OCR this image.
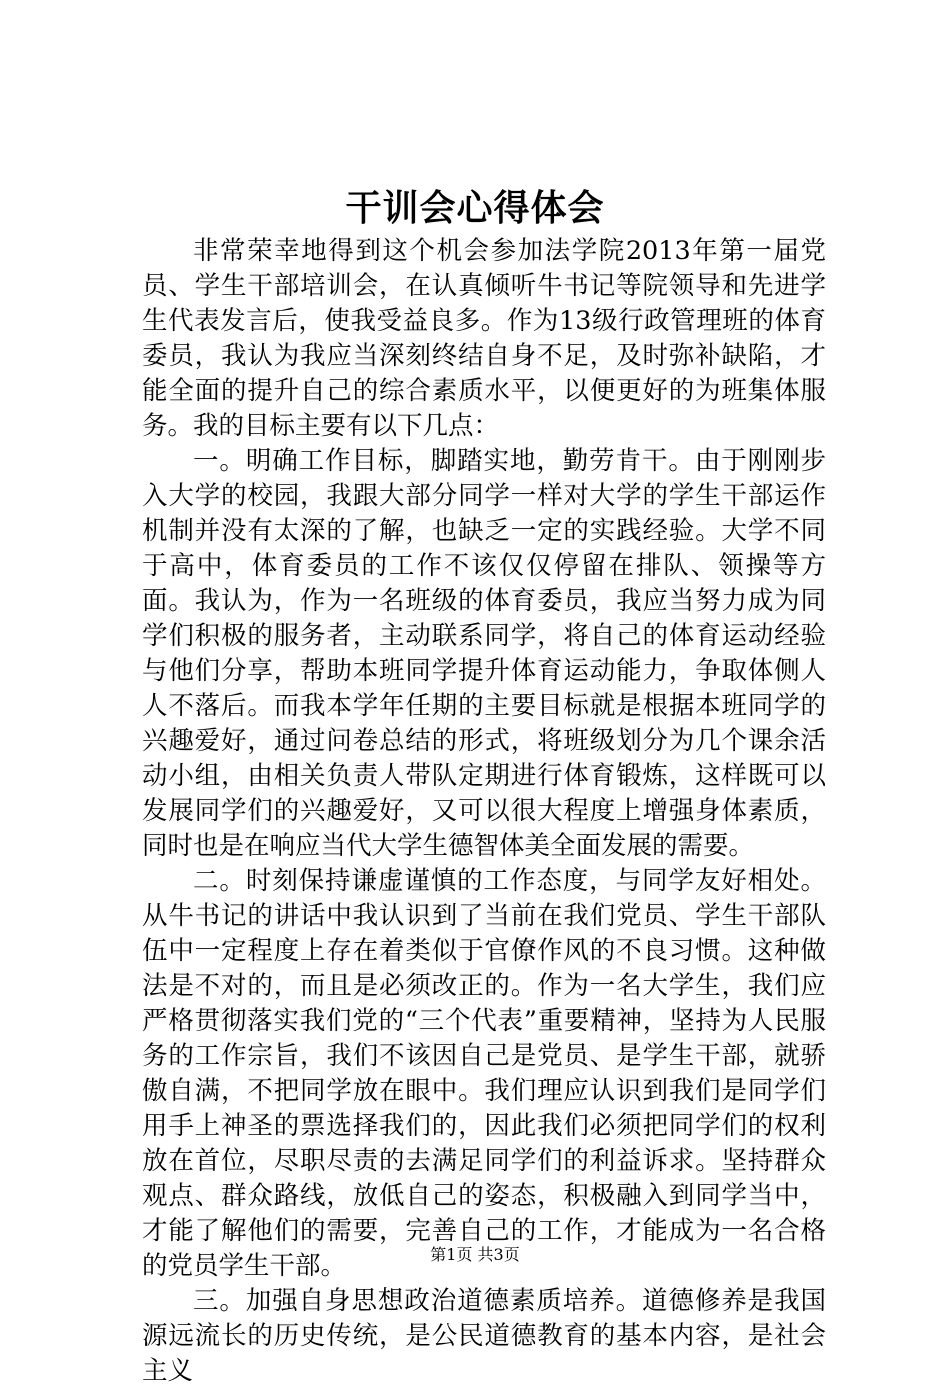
干训会心得体会

非常荣幸地得到这个机会参加法学院2013年第一届党员、学生干部培训会，在认真倾听牛书记等院领导和先进学生代表发言后，使我受益良多。作为13级行政管理班的体育委员，我认为我应当深刻终结自身不足，及时弥补缺陷，才能全面的提升自己的综合素质水平，以便更好的为班集体服务。我的目标主要有以下几点：

一。明确工作目标，脚踏实地，勤劳肯干。由于刚刚步入大学的校园，我跟大部分同学一样对大学的学生干部运作机制并没有太深的了解，也缺乏一定的实践经验。大学不同于高中，体育委员的工作不该仅仅停留在排队、领操等方面。我认为，作为一名班级的体育委员，我应当努力成为同学们积极的服务者，主动联系同学，将自己的体育运动经验与他们分享，帮助本班同学提升体育运动能力，争取体侧人人不落后。而我本学年任期的主要目标就是根据本班同学的兴趣爱好，通过问卷总结的形式，将班级划分为几个课余活动小组，由相关负责人带队定期进行体育锻炼，这样既可以发展同学们的兴趣爱好，又可以很大程度上增强身体素质，同时也是在响应当代大学生德智体美全面发展的需要。

二。时刻保持谦虚谨慎的工作态度，与同学友好相处。从牛书记的讲话中我认识到了当前在我们党员、学生干部队伍中一定程度上存在着类似于官僚作风的不良习惯。这种做法是不对的，而且是必须改正的。作为一名大学生，我们应严格贯彻落实我们党的“三个代表”重要精神，坚持为人民服务的工作宗旨，我们不该因自己是党员、是学生干部，就骄傲自满，不把同学放在眼中。我们理应认识到我们是同学们用手上神圣的票选择我们的，因此我们必须把同学们的权利放在首位，尽职尽责的去满足同学们的利益诉求。坚持群众观点、群众路线，放低自己的姿态，积极融入到同学当中，才能了解他们的需要，完善自己的工作，才能成为一名合格的党员学生干部。

三。加强自身思想政治道德素质培养。道德修养是我国源远流长的历史传统，是公民道德教育的基本内容，是社会主义

第1页 共3页
